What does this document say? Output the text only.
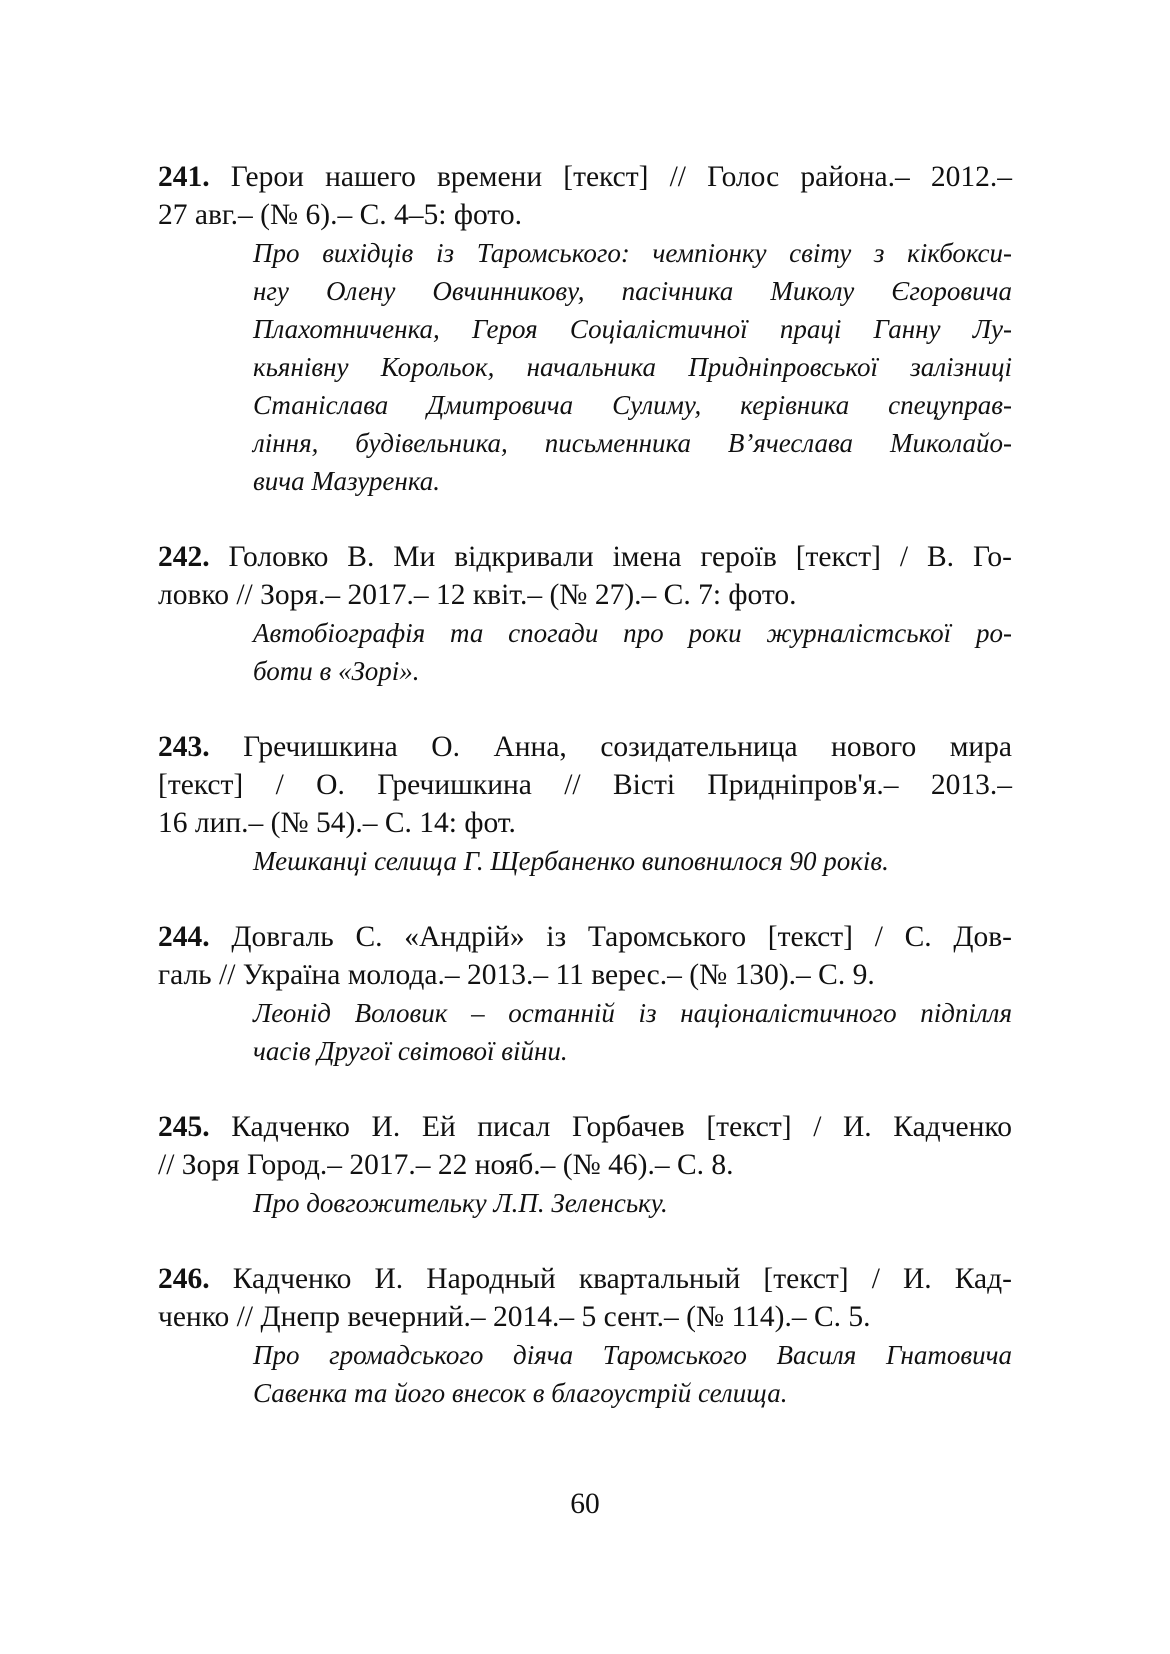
241. Герои нашего времени [текст] // Голос района.– 2012.–
27 авг.– (№ 6).– С. 4–5: фото.

Про вихідців із Таромського: чемпіонку світу з кікбокси-
нгу Олену Овчинникову, пасічника Миколу Єгоровича
Плахотниченка, Героя Соціалістичної праці Ганну Лу-
кьянівну Корольок, начальника Придніпровської залізниці
Станіслава Дмитровича Сулиму, керівника спецуправ-
ління, будівельника, письменника В’ячеслава Миколайо-
вича Мазуренка.

242. Головко В. Ми відкривали імена героїв [текст] / В. Го-
ловко // Зоря.– 2017.– 12 квіт.– (№ 27).– С. 7: фото.

Автобіографія та спогади про роки журналістської ро-
боти в «Зорі».

243. Гречишкина О. Анна, созидательница нового мира
[текст] / О. Гречишкина // Вісті Придніпров'я.– 2013.–
16 лип.– (№ 54).– С. 14: фот.

Мешканці селища Г. Щербаненко виповнилося 90 років.

244. Довгаль С. «Андрій» із Таромського [текст] / С. Дов-
галь // Україна молода.– 2013.– 11 верес.– (№ 130).– С. 9.

Леонід Воловик – останній із націоналістичного підпілля
часів Другої світової війни.

245. Кадченко И. Ей писал Горбачев [текст] / И. Кадченко
// Зоря Город.– 2017.– 22 нояб.– (№ 46).– С. 8.

Про довгожительку Л.П. Зеленську.

246. Кадченко И. Народный квартальный [текст] / И. Кад-
ченко // Днепр вечерний.– 2014.– 5 сент.– (№ 114).– С. 5.

Про громадського діяча Таромського Василя Гнатовича
Савенка та його внесок в благоустрій селища.

60
